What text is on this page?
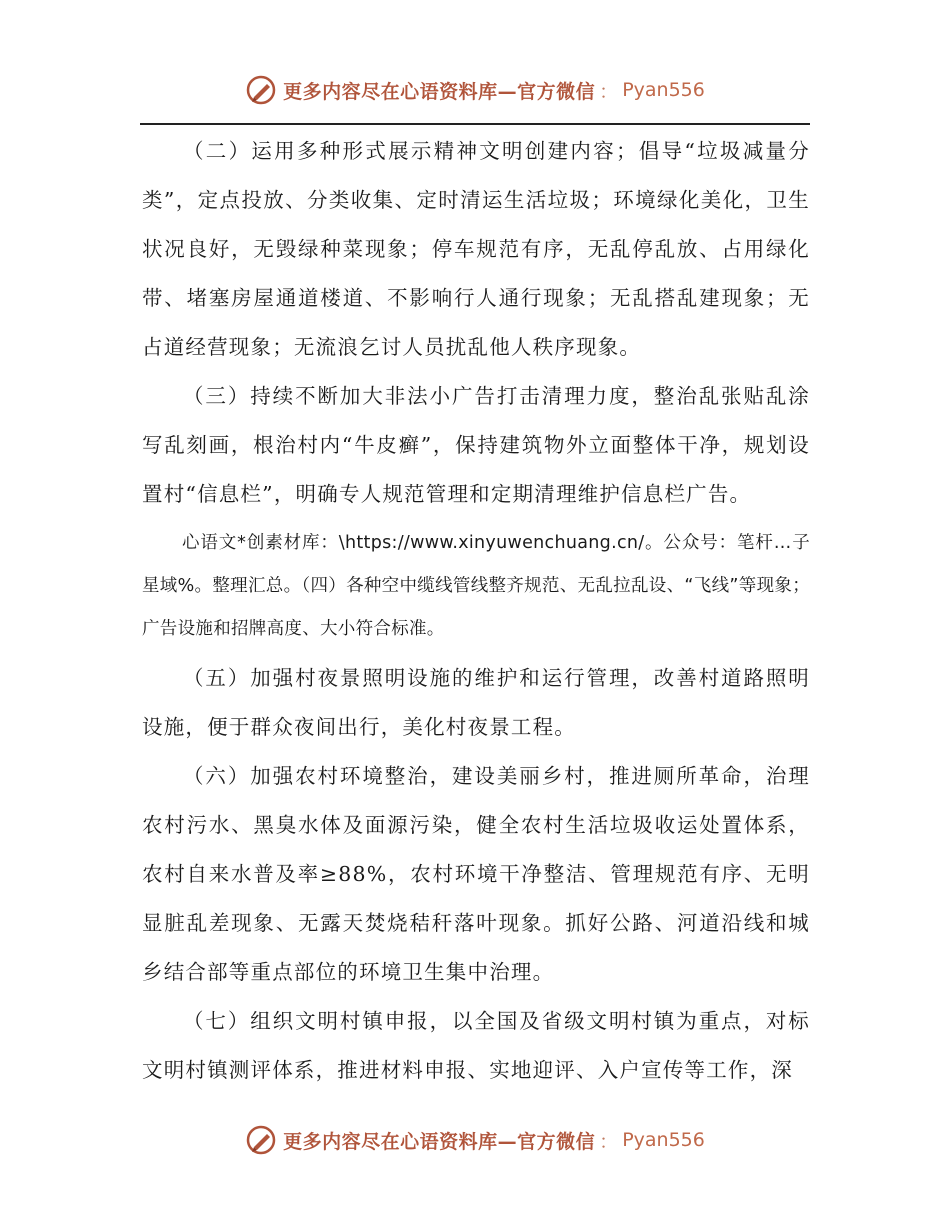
更多内容尽在心语资料库—官方微信 ： Pyan556

（二）运用多种形式展示精神文明创建内容；倡导“垃圾减量分类”，定点投放、分类收集、定时清运生活垃圾；环境绿化美化，卫生状况良好，无毁绿种菜现象；停车规范有序，无乱停乱放、占用绿化带、堵塞房屋通道楼道、不影响行人通行现象；无乱搭乱建现象；无占道经营现象；无流浪乞讨人员扰乱他人秩序现象。

（三）持续不断加大非法小广告打击清理力度，整治乱张贴乱涂写乱刻画，根治村内“牛皮癣”，保持建筑物外立面整体干净，规划设置村“信息栏”，明确专人规范管理和定期清理维护信息栏广告。

心语文*创素材库：\https://www.xinyuwenchuang.cn/。公众号：笔杆…子星域%。整理汇总。（四）各种空中缆线管线整齐规范、无乱拉乱设、“飞线”等现象；广告设施和招牌高度、大小符合标准。

（五）加强村夜景照明设施的维护和运行管理，改善村道路照明设施，便于群众夜间出行，美化村夜景工程。

（六）加强农村环境整治，建设美丽乡村，推进厕所革命，治理农村污水、黑臭水体及面源污染，健全农村生活垃圾收运处置体系，农村自来水普及率≥88%，农村环境干净整洁、管理规范有序、无明显脏乱差现象、无露天焚烧秸秆落叶现象。抓好公路、河道沿线和城乡结合部等重点部位的环境卫生集中治理。

（七）组织文明村镇申报，以全国及省级文明村镇为重点，对标文明村镇测评体系，推进材料申报、实地迎评、入户宣传等工作，深

更多内容尽在心语资料库—官方微信 ： Pyan556
